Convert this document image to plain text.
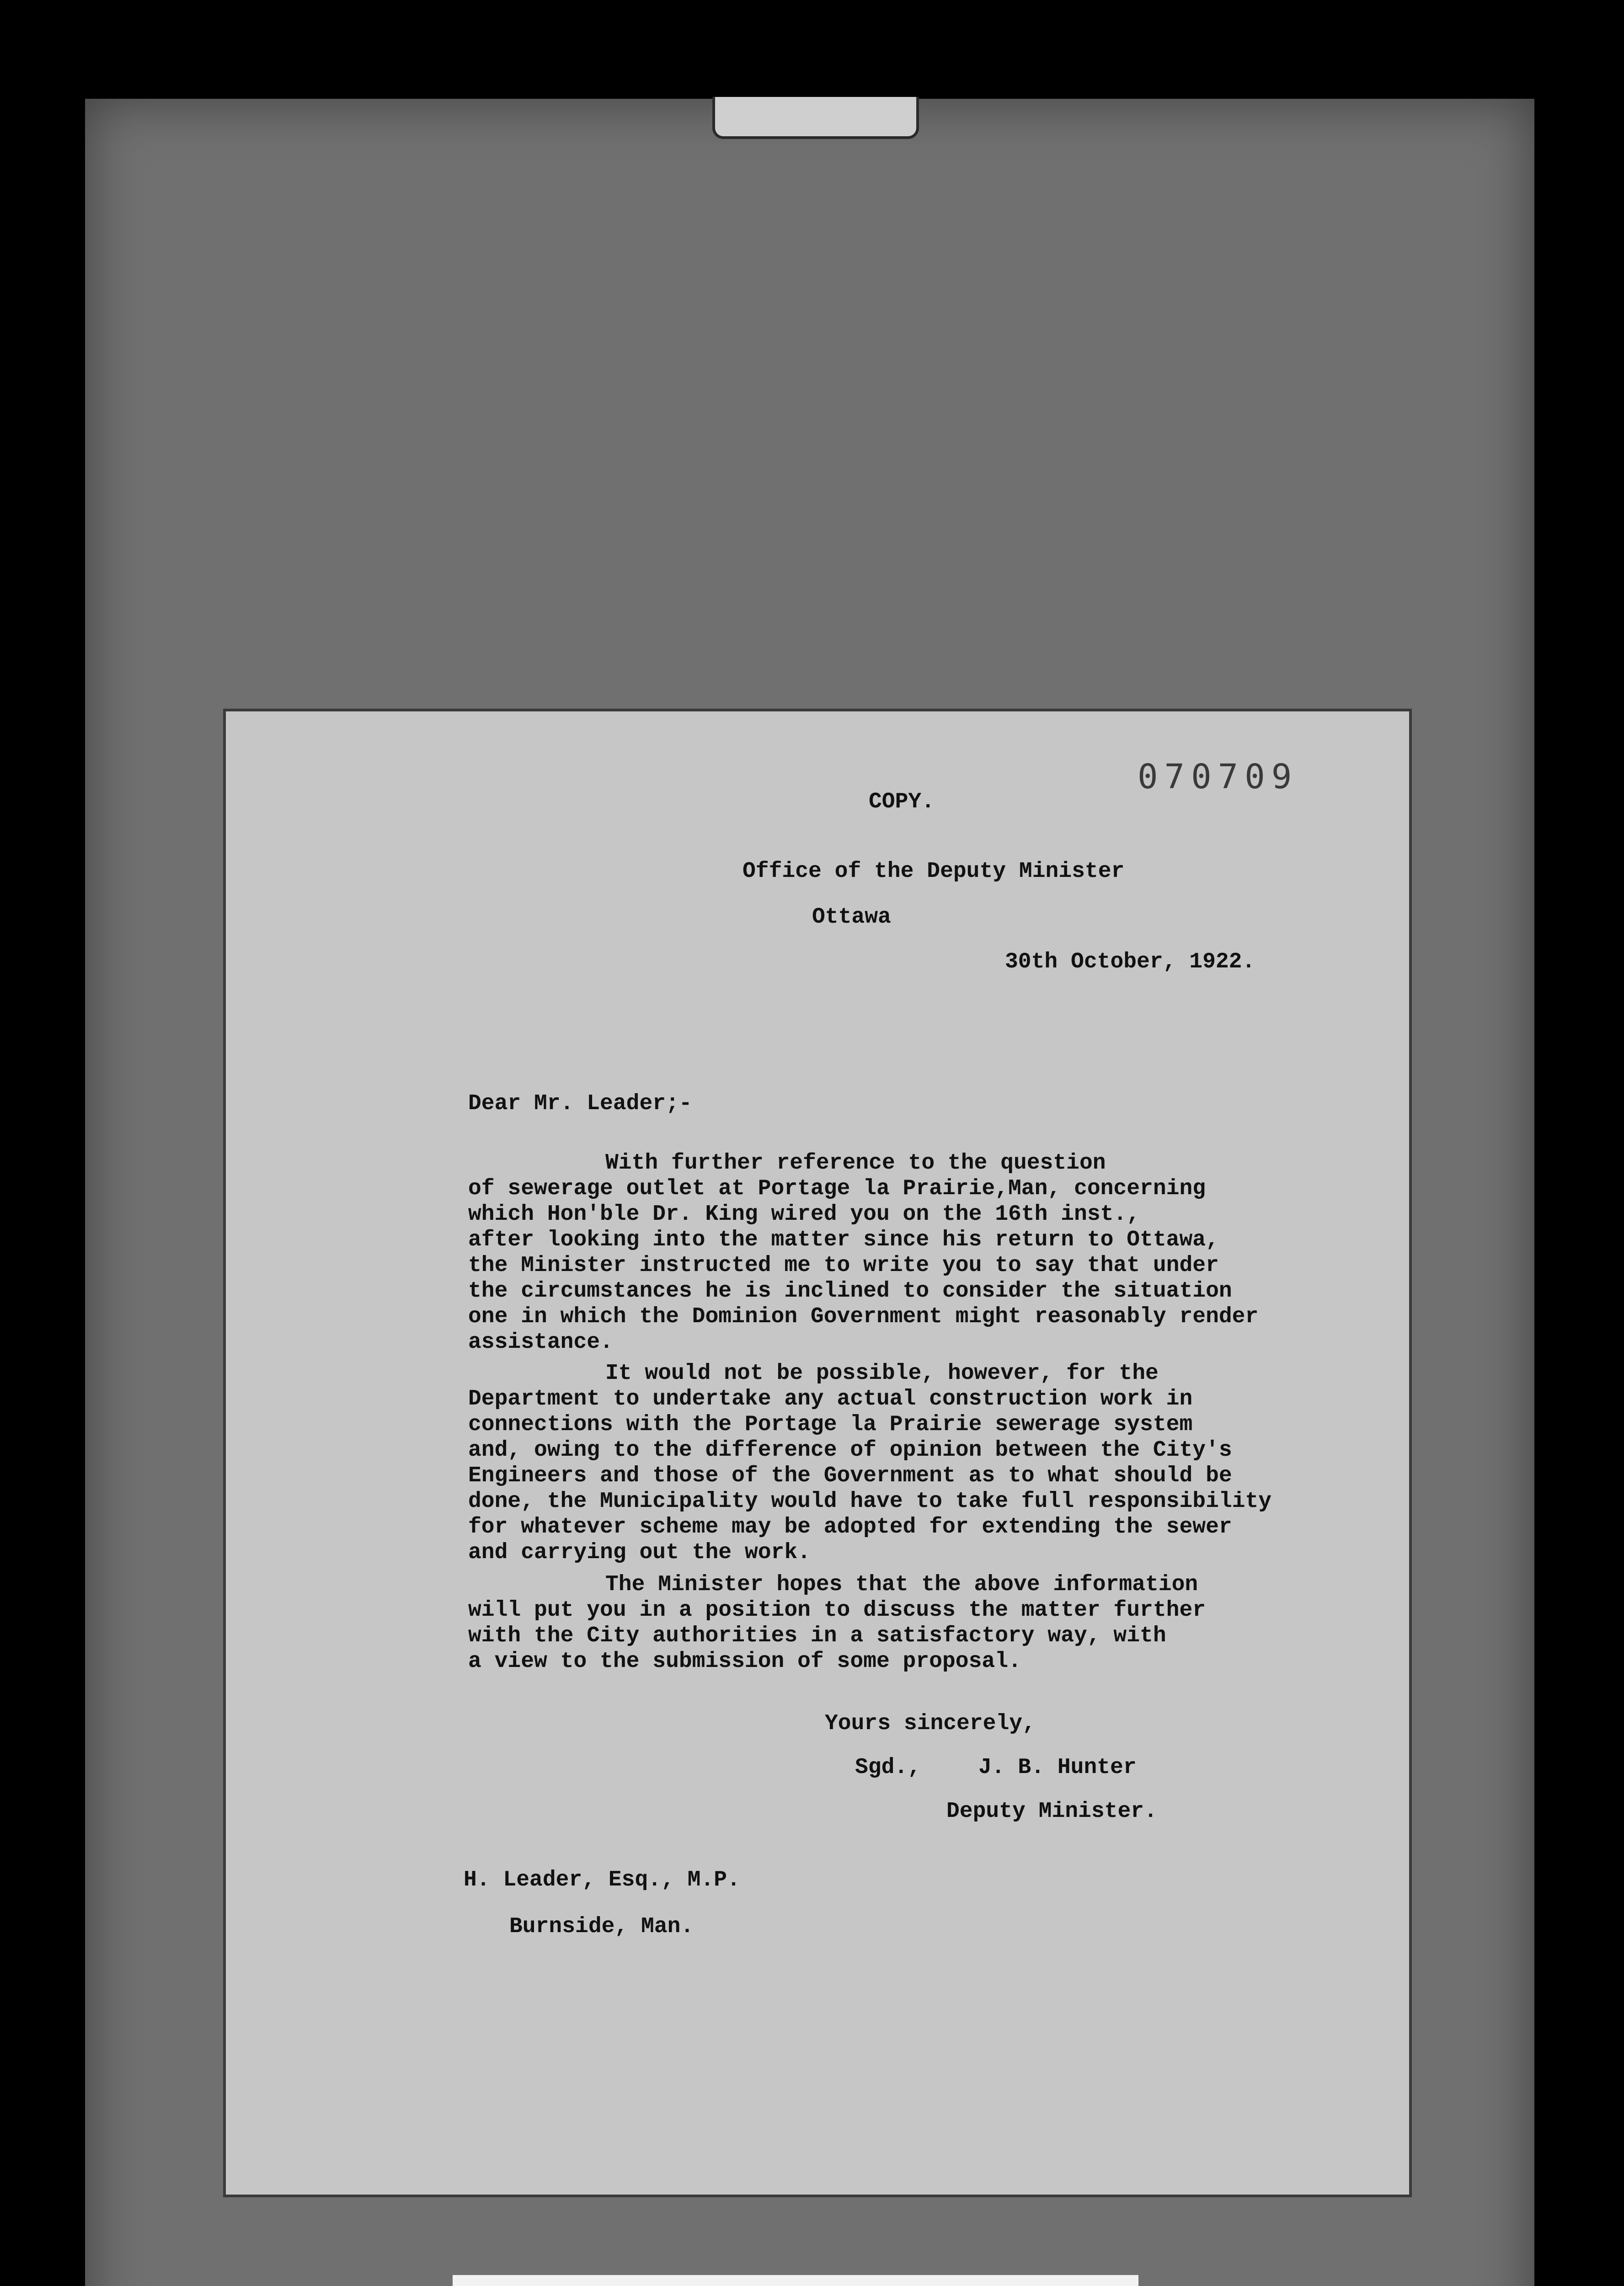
070709
COPY.
Office of the Deputy Minister
Ottawa
30th October, 1922.
Dear Mr. Leader;-
With further reference to the question
of sewerage outlet at Portage la Prairie,Man, concerning
which Hon'ble Dr. King wired you on the 16th inst.,
after looking into the matter since his return to Ottawa,
the Minister instructed me to write you to say that under
the circumstances he is inclined to consider the situation
one in which the Dominion Government might reasonably render
assistance.
It would not be possible, however, for the
Department to undertake any actual construction work in
connections with the Portage la Prairie sewerage system
and, owing to the difference of opinion between the City's
Engineers and those of the Government as to what should be
done, the Municipality would have to take full responsibility
for whatever scheme may be adopted for extending the sewer
and carrying out the work.
The Minister hopes that the above information
will put you in a position to discuss the matter further
with the City authorities in a satisfactory way, with
a view to the submission of some proposal.
Yours sincerely,
Sgd.,	J. B. Hunter
Deputy Minister.
H. Leader, Esq., M.P.
Burnside, Man.
